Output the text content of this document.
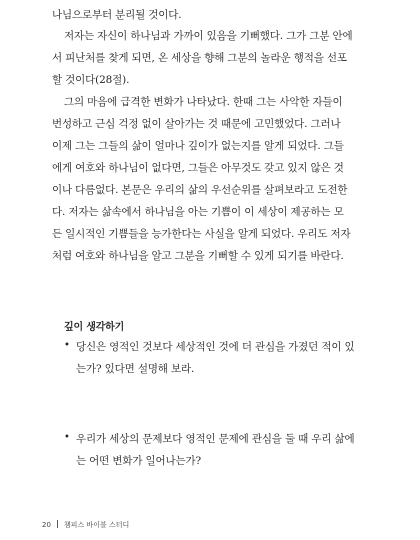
나님으로부터 분리될 것이다.
저자는 자신이 하나님과 가까이 있음을 기뻐했다. 그가 그분 안에
서 피난처를 찾게 되면, 온 세상을 향해 그분의 놀라운 행적을 선포
할 것이다(28절).
그의 마음에 급격한 변화가 나타났다. 한때 그는 사악한 자들이
번성하고 근심 걱정 없이 살아가는 것 때문에 고민했었다. 그러나
이제 그는 그들의 삶이 얼마나 깊이가 없는지를 알게 되었다. 그들
에게 여호와 하나님이 없다면, 그들은 아무것도 갖고 있지 않은 것
이나 다름없다. 본문은 우리의 삶의 우선순위를 살펴보라고 도전한
다. 저자는 삶속에서 하나님을 아는 기쁨이 이 세상이 제공하는 모
든 일시적인 기쁨들을 능가한다는 사실을 알게 되었다. 우리도 저자
처럼 여호와 하나님을 알고 그분을 기뻐할 수 있게 되기를 바란다.
깊이 생각하기
• 당신은 영적인 것보다 세상적인 것에 더 관심을 가졌던 적이 있
는가? 있다면 설명해 보라.
• 우리가 세상의 문제보다 영적인 문제에 관심을 둘 때 우리 삶에
는 어떤 변화가 일어나는가?
20 챔피스 바이블 스터디
